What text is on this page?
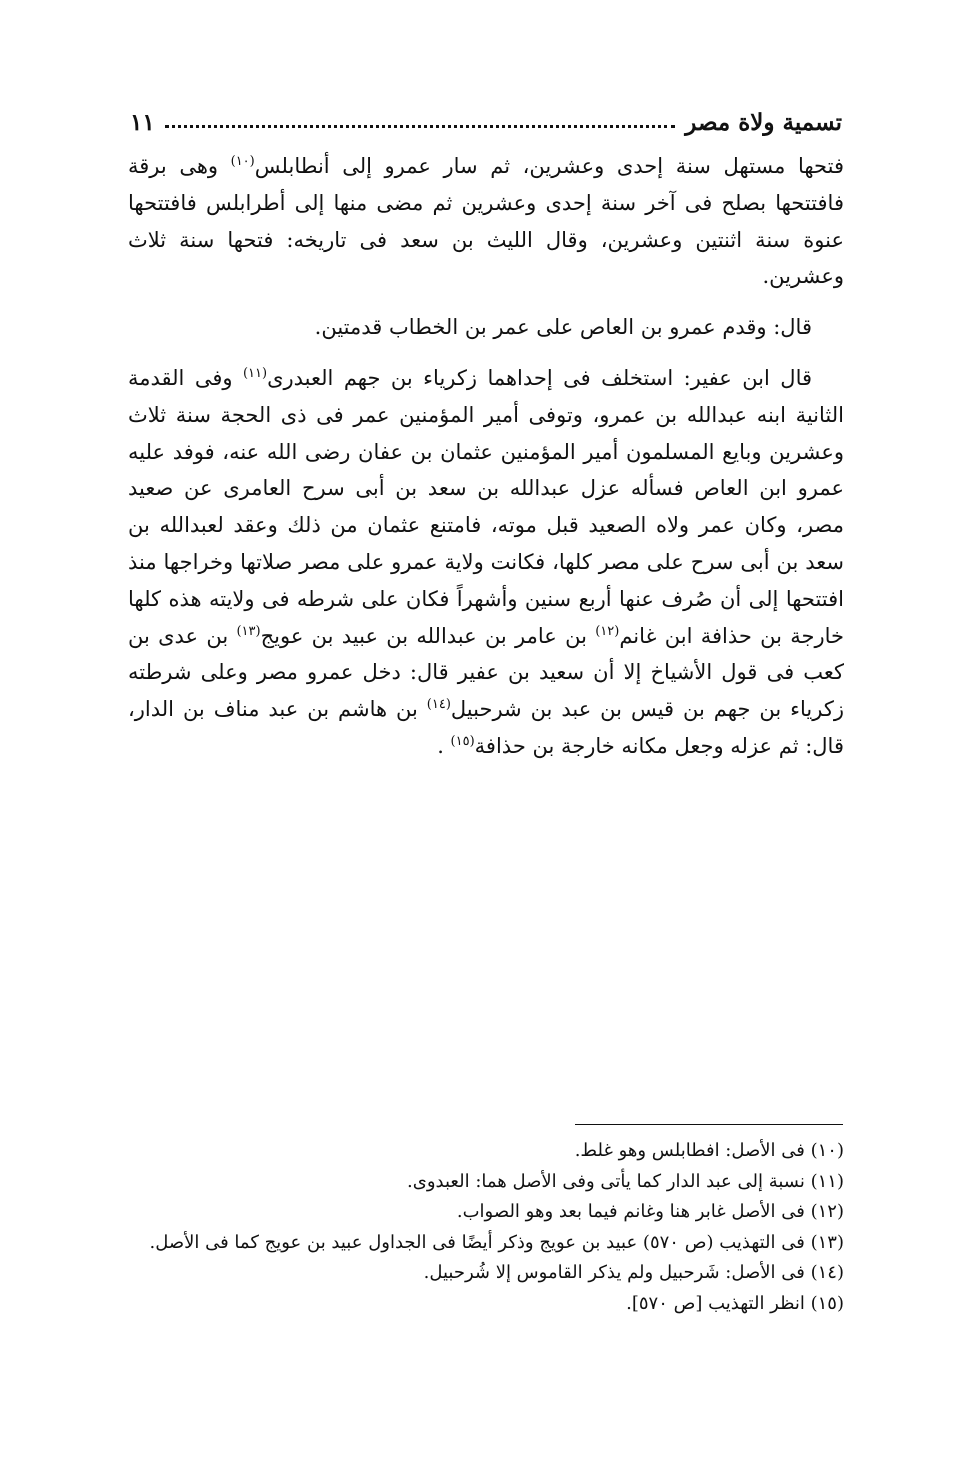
تسمية ولاة مصر
١١

فتحها مستهل سنة إحدى وعشرين، ثم سار عمرو إلى أنطابلس$^{(١٠)}$ وهى برقة فافتتحها بصلح فى آخر سنة إحدى وعشرين ثم مضى منها إلى أطرابلس فافتتحها عنوة سنة اثنتين وعشرين، وقال الليث بن سعد فى تاريخه: فتحها سنة ثلاث وعشرين.

قال: وقدم عمرو بن العاص على عمر بن الخطاب قدمتين.

قال ابن عفير: استخلف فى إحداهما زكرياء بن جهم العبدرى$^{(١١)}$ وفى القدمة الثانية ابنه عبدالله بن عمرو، وتوفى أمير المؤمنين عمر فى ذى الحجة سنة ثلاث وعشرين وبايع المسلمون أمير المؤمنين عثمان بن عفان رضى الله عنه، فوفد عليه عمرو ابن العاص فسأله عزل عبدالله بن سعد بن أبى سرح العامرى عن صعيد مصر، وكان عمر ولاه الصعيد قبل موته، فامتنع عثمان من ذلك وعقد لعبدالله بن سعد بن أبى سرح على مصر كلها، فكانت ولاية عمرو على مصر صلاتها وخراجها منذ افتتحها إلى أن صُرف عنها أربع سنين وأشهراً فكان على شرطه فى ولايته هذه كلها خارجة بن حذافة ابن غانم$^{(١٢)}$ بن عامر بن عبدالله بن عبيد بن عويج$^{(١٣)}$ بن عدى بن كعب فى قول الأشياخ إلا أن سعيد بن عفير قال: دخل عمرو مصر وعلى شرطته زكرياء بن جهم بن قيس بن عبد بن شرحبيل$^{(١٤)}$ بن هاشم بن عبد مناف بن الدار، قال: ثم عزله وجعل مكانه خارجة بن حذافة$^{(١٥)}$ .

(١٠) فى الأصل: افطابلس وهو غلط.

(١١) نسبة إلى عبد الدار كما يأتى وفى الأصل هما: العبدوى.

(١٢) فى الأصل غابر هنا وغانم فيما بعد وهو الصواب.

(١٣) فى التهذيب (ص ٥٧٠) عبيد بن عويج وذكر أيضًا فى الجداول عبيد بن عويج كما فى الأصل.

(١٤) فى الأصل: شَرحبيل ولم يذكر القاموس إلا شُرحبيل.

(١٥) انظر التهذيب [ص ٥٧٠].
